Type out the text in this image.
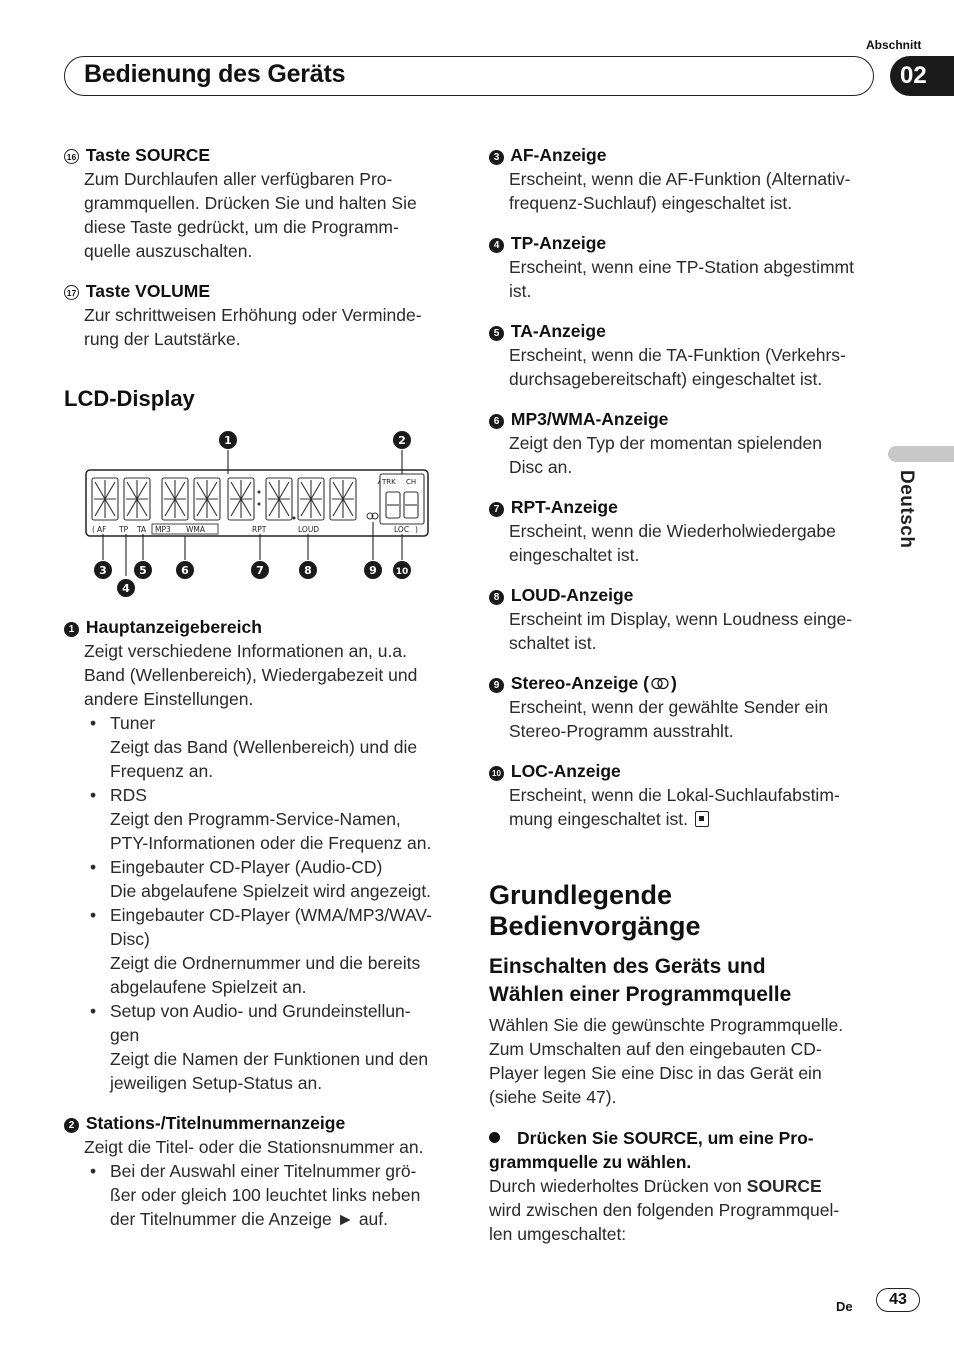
Abschnitt
Bedienung des Geräts	02
Deutsch
16 Taste SOURCE

Zum Durchlaufen aller verfügbaren Pro-

grammquellen. Drücken Sie und halten Sie

diese Taste gedrückt, um die Programm-

quelle auszuschalten.

17 Taste VOLUME

Zur schrittweisen Erhöhung oder Verminde-

rung der Lautstärke.

LCD-Display
TRK CH
( AF TP TA MP3 WMA	RPT	LOUD	LOC )
1	2
3
4
5	6	7	8	9 10
1 Hauptanzeigebereich

Zeigt verschiedene Informationen an, u.a.

Band (Wellenbereich), Wiedergabezeit und

andere Einstellungen.

• Tuner

Zeigt das Band (Wellenbereich) und die

Frequenz an.

• RDS

Zeigt den Programm-Service-Namen,

PTY-Informationen oder die Frequenz an.

• Eingebauter CD-Player (Audio-CD)

Die abgelaufene Spielzeit wird angezeigt.

• Eingebauter CD-Player (WMA/MP3/WAV-

Disc)

Zeigt die Ordnernummer und die bereits

abgelaufene Spielzeit an.

• Setup von Audio- und Grundeinstellun-

gen

Zeigt die Namen der Funktionen und den

jeweiligen Setup-Status an.

2 Stations-/Titelnummernanzeige

Zeigt die Titel- oder die Stationsnummer an.

• Bei der Auswahl einer Titelnummer grö-

ßer oder gleich 100 leuchtet links neben

der Titelnummer die Anzeige ► auf.

3 AF-Anzeige

Erscheint, wenn die AF-Funktion (Alternativ-

frequenz-Suchlauf) eingeschaltet ist.

4 TP-Anzeige

Erscheint, wenn eine TP-Station abgestimmt

ist.

5 TA-Anzeige

Erscheint, wenn die TA-Funktion (Verkehrs-

durchsagebereitschaft) eingeschaltet ist.

6 MP3/WMA-Anzeige

Zeigt den Typ der momentan spielenden

Disc an.

7 RPT-Anzeige

Erscheint, wenn die Wiederholwiedergabe

eingeschaltet ist.

8 LOUD-Anzeige

Erscheint im Display, wenn Loudness einge-

schaltet ist.

9 Stereo-Anzeige ( )

Erscheint, wenn der gewählte Sender ein

Stereo-Programm ausstrahlt.

10 LOC-Anzeige

Erscheint, wenn die Lokal-Suchlaufabstim-

mung eingeschaltet ist.

Grundlegende
Bedienvorgänge
Einschalten des Geräts und
Wählen einer Programmquelle

Wählen Sie die gewünschte Programmquelle.

Zum Umschalten auf den eingebauten CD-

Player legen Sie eine Disc in das Gerät ein

(siehe Seite 47).

Drücken Sie SOURCE, um eine Pro-

grammquelle zu wählen.

Durch wiederholtes Drücken von SOURCE

wird zwischen den folgenden Programmquel-

len umgeschaltet:

De	43
